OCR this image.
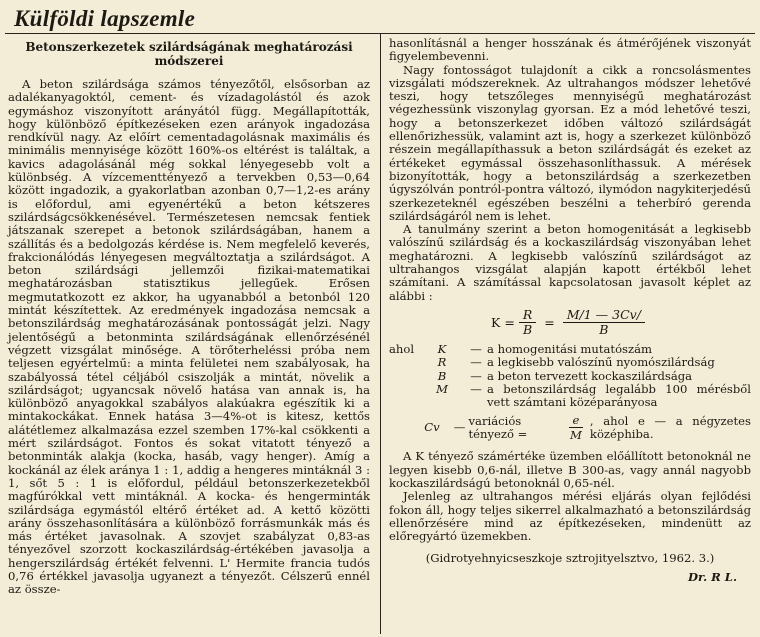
Külföldi lapszemle
Betonszerkezetek szilárdságának meghatározási módszerei

A beton szilárdsága számos tényezőtől, elsősorban az adalékanyagoktól, cement- és vízadagolástól és azok egymáshoz viszonyított arányától függ. Megállapították, hogy különböző építkezéseken ezen arányok ingadozása rendkívül nagy. Az előírt cementadagolásnak maximális és minimális mennyisége között 160%-os eltérést is találtak, a kavics adagolásánál még sokkal lényegesebb volt a különbség. A vízcementtényező a tervekben 0,53—0,64 között ingadozik, a gyakorlatban azonban 0,7—1,2-es arány is előfordul, ami egyenértékű a beton kétszeres szilárdságcsökkenésével. Természetesen nemcsak fentiek játszanak szerepet a betonok szilárdságában, hanem a szállítás és a bedolgozás kérdése is. Nem megfelelő keverés, frakcionálódás lényegesen megváltoztatja a szilárdságot. A beton szilárdsági jellemzői fizikai-matematikai meghatározásban statisztikus jellegűek. Erősen megmutatkozott ez akkor, ha ugyanabból a betonból 120 mintát készítettek. Az eredmények ingadozása nemcsak a betonszilárdság meghatározásának pontosságát jelzi. Nagy jelentőségű a betonminta szilárdságának ellenőrzésénél végzett vizsgálat minősége. A törőterheléssi próba nem teljesen egyértelmű: a minta felületei nem szabályosak, ha szabályossá tétel céljából csiszolják a mintát, növelik a szilárdságot; ugyancsak növelő hatása van annak is, ha különböző anyagokkal szabályos alakúakra egészítik ki a mintakockákat. Ennek hatása 3—4%-ot is kitesz, kettős alátétlemez alkalmazása ezzel szemben 17%-kal csökkenti a mért szilárdságot. Fontos és sokat vitatott tényező a betonminták alakja (kocka, hasáb, vagy henger). Amíg a kockánál az élek aránya 1 : 1, addig a hengeres mintáknál 3 : 1, sőt 5 : 1 is előfordul, például betonszerkezetekből magfúrókkal vett mintáknál. A kocka- és hengerminták szilárdsága egymástól eltérő értéket ad. A kettő közötti arány összehasonlítására a különböző forrásmunkák más és más értéket javasolnak. A szovjet szabályzat 0,83-as tényezővel szorzott kockaszilárdság-értékében javasolja a hengerszilárdság értékét felvenni. L' Hermite francia tudós 0,76 értékkel javasolja ugyanezt a tényezőt. Célszerű ennél az össze-

hasonlításnál a henger hosszának és átmérőjének viszonyát figyelembevenni.

Nagy fontosságot tulajdonít a cikk a roncsolásmentes vizsgálati módszereknek. Az ultrahangos módszer lehetővé teszi, hogy tetszőleges mennyiségű meghatározást végezhessünk viszonylag gyorsan. Ez a mód lehetővé teszi, hogy a betonszerkezet időben változó szilárdságát ellenőrizhessük, valamint azt is, hogy a szerkezet különböző részein megállapíthassuk a beton szilárdságát és ezeket az értékeket egymással összehasonlíthassuk. A mérések bizonyították, hogy a betonszilárdság a szerkezetben úgyszólván pontról-pontra változó, ilymódon nagykiterjedésű szerkezeteknél egészében beszélni a teherbíró gerenda szilárdságáról nem is lehet.

A tanulmány szerint a beton homogenitását a legkisebb valószínű szilárdság és a kockaszilárdság viszonyában lehet meghatározni. A legkisebb valószínű szilárdságot az ultrahangos vizsgálat alapján kapott értékből lehet számítani. A számítással kapcsolatosan javasolt képlet az alábbi :

$K = \frac{R}{B} = \frac{M/1 — 3Cv/}{B}$
ahol	K	—	a homogenitási mutatószám
	R	—	a legkisebb valószínű nyomószilárdság
	B	—	a beton tervezett kockaszilárdsága
	M	—	a betonszilárdság legalább 100 mérésből vett számtani középarányosa
Cv	— variációs tényező =	$\frac{e}{M}$ , ahol e — a négyzetes középhiba.

A K tényező számértéke üzemben előállított betonoknál ne legyen kisebb 0,6-nál, illetve B 300-as, vagy annál nagyobb kockaszilárdságú betonoknál 0,65-nél.

Jelenleg az ultrahangos mérési eljárás olyan fejlődési fokon áll, hogy teljes sikerrel alkalmazható a betonszilárdság ellenőrzésére mind az építkezéseken, mindenütt az előregyártó üzemekben.

(Gidrotyehnyicseszkoje sztrojityelsztvo, 1962. 3.)
Dr. R L.
